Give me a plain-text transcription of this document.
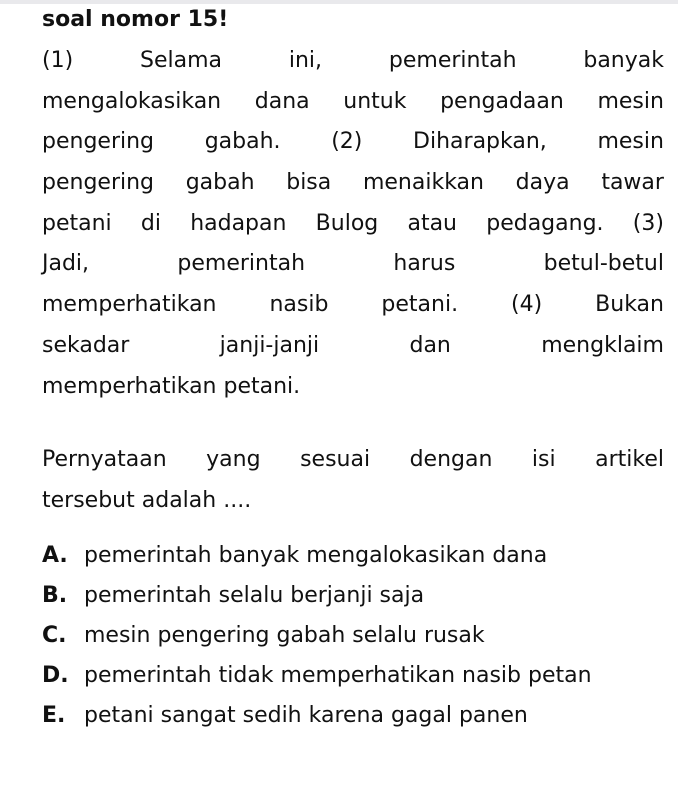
soal nomor 15!
(1)	Selama	ini,	pemerintah	banyak
mengalokasikan dana untuk pengadaan mesin
pengering gabah. (2) Diharapkan, mesin
pengering gabah bisa menaikkan daya tawar
petani di hadapan Bulog atau pedagang. (3)
Jadi,	pemerintah	harus	betul-betul
memperhatikan nasib petani. (4) Bukan
sekadar	janji-janji	dan	mengklaim
memperhatikan
petani.
Pernyataan yang sesuai dengan isi artikel
tersebut
adalah
....
A. pemerintah banyak mengalokasikan dana
B. pemerintah selalu berjanji saja
C. mesin pengering gabah selalu rusak
D. pemerintah tidak memperhatikan nasib petan
E. petani sangat sedih karena gagal panen
